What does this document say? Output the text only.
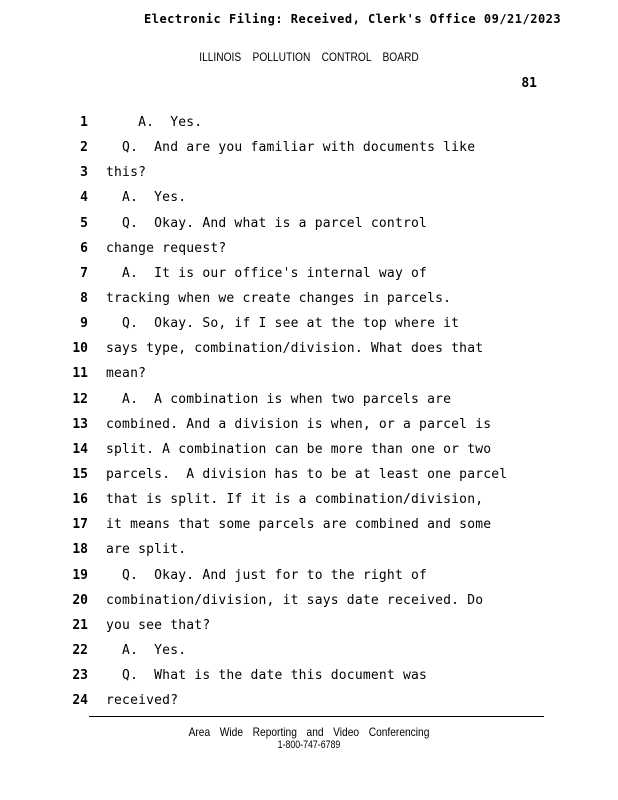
Electronic Filing: Received, Clerk's Office 09/21/2023
ILLINOIS POLLUTION CONTROL BOARD
81
1 A.  Yes.
2 Q.  And are you familiar with documents like
3 this?
4 A.  Yes.
5 Q.  Okay. And what is a parcel control
6 change request?
7 A.  It is our office's internal way of
8 tracking when we create changes in parcels.
9 Q.  Okay. So, if I see at the top where it
10 says type, combination/division. What does that
11 mean?
12 A.  A combination is when two parcels are
13 combined. And a division is when, or a parcel is
14 split. A combination can be more than one or two
15 parcels.  A division has to be at least one parcel
16 that is split. If it is a combination/division,
17 it means that some parcels are combined and some
18 are split.
19 Q.  Okay. And just for to the right of
20 combination/division, it says date received. Do
21 you see that?
22 A.  Yes.
23 Q.  What is the date this document was
24 received?
Area Wide Reporting and Video Conferencing
1-800-747-6789
